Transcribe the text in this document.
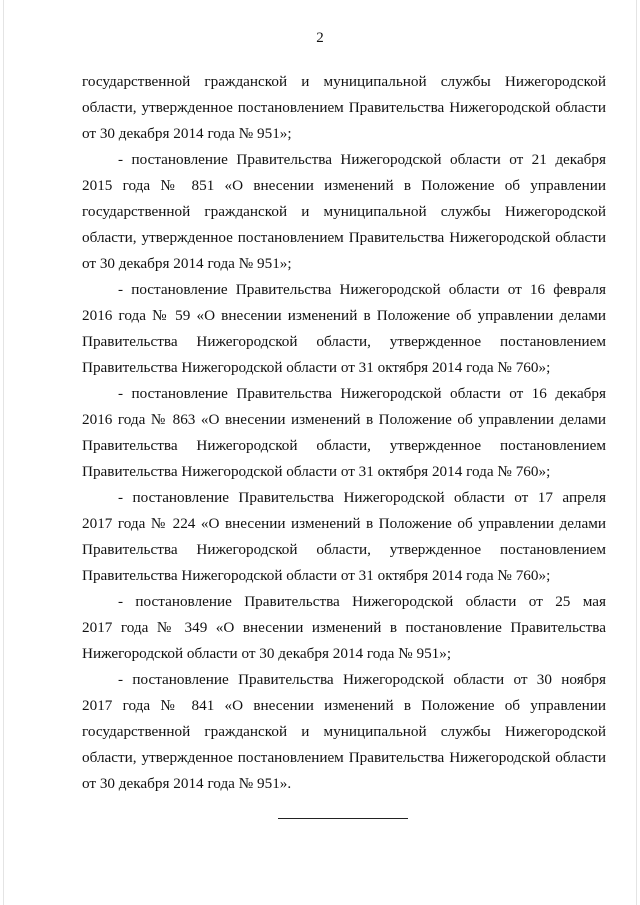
2

государственной гражданской и муниципальной службы Нижегородской
области, утвержденное постановлением Правительства Нижегородской области
от 30 декабря 2014 года № 951»;

- постановление Правительства Нижегородской области от 21 декабря
2015 года № 851 «О внесении изменений в Положение об управлении
государственной гражданской и муниципальной службы Нижегородской
области, утвержденное постановлением Правительства Нижегородской области
от 30 декабря 2014 года № 951»;

- постановление Правительства Нижегородской области от 16 февраля
2016 года № 59 «О внесении изменений в Положение об управлении делами
Правительства Нижегородской области, утвержденное постановлением
Правительства Нижегородской области от 31 октября 2014 года № 760»;

- постановление Правительства Нижегородской области от 16 декабря
2016 года № 863 «О внесении изменений в Положение об управлении делами
Правительства Нижегородской области, утвержденное постановлением
Правительства Нижегородской области от 31 октября 2014 года № 760»;

- постановление Правительства Нижегородской области от 17 апреля
2017 года № 224 «О внесении изменений в Положение об управлении делами
Правительства Нижегородской области, утвержденное постановлением
Правительства Нижегородской области от 31 октября 2014 года № 760»;

- постановление Правительства Нижегородской области от 25 мая
2017 года № 349 «О внесении изменений в постановление Правительства
Нижегородской области от 30 декабря 2014 года № 951»;

- постановление Правительства Нижегородской области от 30 ноября
2017 года № 841 «О внесении изменений в Положение об управлении
государственной гражданской и муниципальной службы Нижегородской
области, утвержденное постановлением Правительства Нижегородской области
от 30 декабря 2014 года № 951».
